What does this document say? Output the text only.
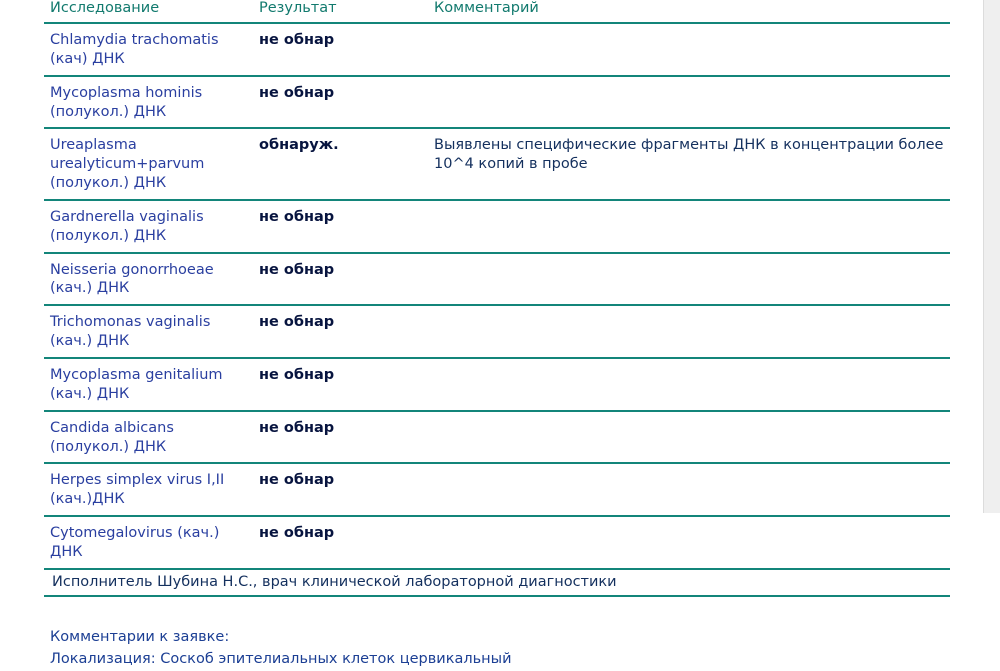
Исследование	Результат	Комментарий
Chlamydia trachomatis (кач) ДНК	не обнар	
Mycoplasma hominis (полукол.) ДНК	не обнар	
Ureaplasma urealyticum+parvum (полукол.) ДНК	обнаруж.	Выявлены специфические фрагменты ДНК в концентрации более 10^4 копий в пробе
Gardnerella vaginalis (полукол.) ДНК	не обнар	
Neisseria gonorrhoeae (кач.) ДНК	не обнар	
Trichomonas vaginalis (кач.) ДНК	не обнар	
Mycoplasma genitalium (кач.) ДНК	не обнар	
Candida albicans (полукол.) ДНК	не обнар	
Herpes simplex virus I,II (кач.)ДНК	не обнар	
Cytomegalovirus (кач.) ДНК	не обнар	
Исполнитель Шубина Н.С., врач клинической лабораторной диагностики
Комментарии к заявке:
Локализация: Соскоб эпителиальных клеток цервикальный
